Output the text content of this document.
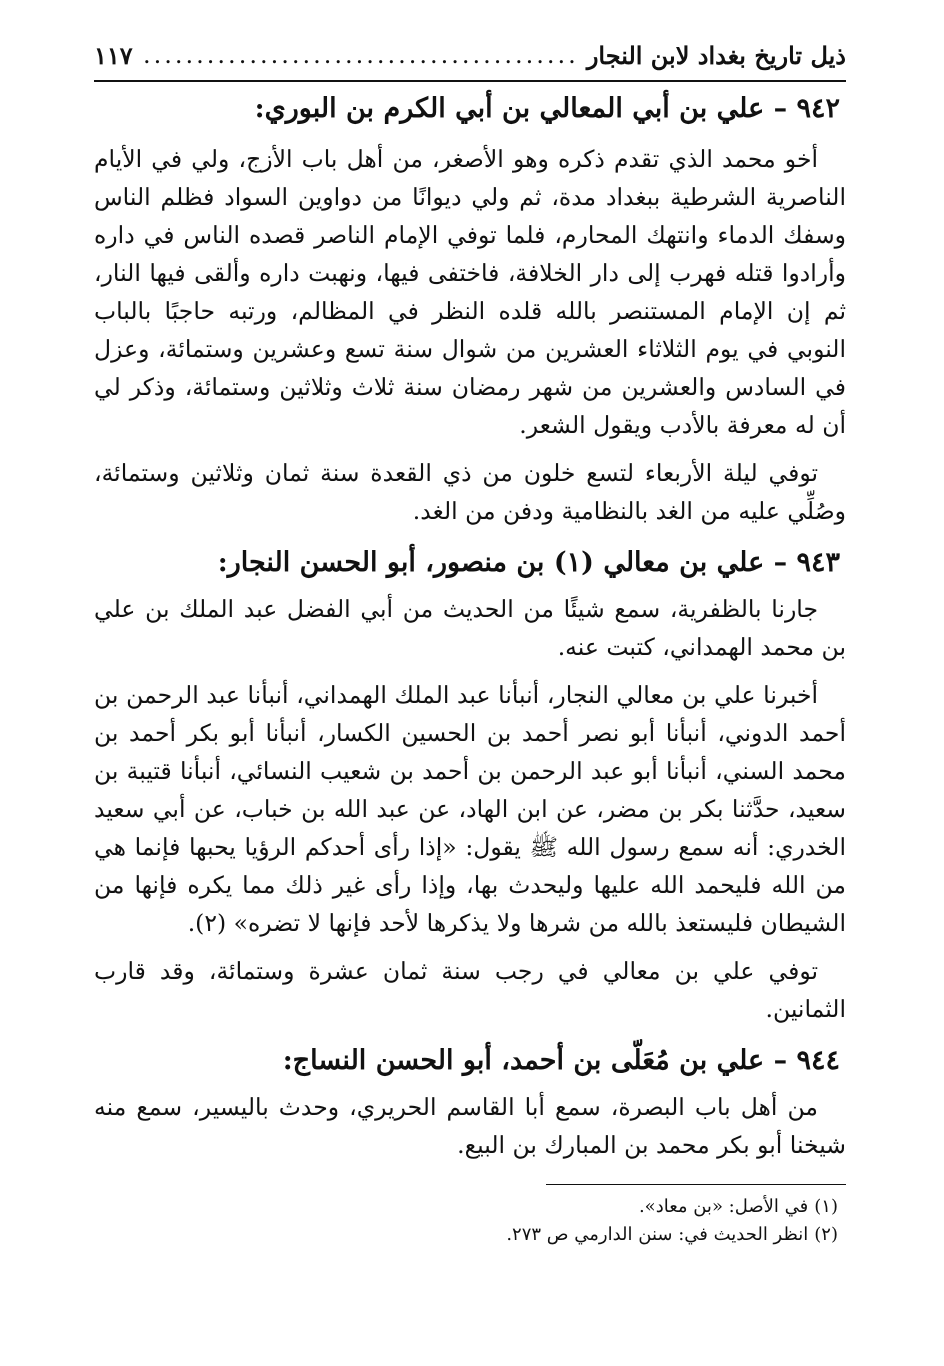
ذيل تاريخ بغداد لابن النجار
.....
١١٧
٩٤٢ – علي بن أبي المعالي بن أبي الكرم بن البوري:

أخو محمد الذي تقدم ذكره وهو الأصغر، من أهل باب الأزج، ولي في الأيام الناصرية الشرطية ببغداد مدة، ثم ولي ديوانًا من دواوين السواد فظلم الناس وسفك الدماء وانتهك المحارم، فلما توفي الإمام الناصر قصده الناس في داره وأرادوا قتله فهرب إلى دار الخلافة، فاختفى فيها، ونهبت داره وألقى فيها النار، ثم إن الإمام المستنصر بالله قلده النظر في المظالم، ورتبه حاجبًا بالباب النوبي في يوم الثلاثاء العشرين من شوال سنة تسع وعشرين وستمائة، وعزل في السادس والعشرين من شهر رمضان سنة ثلاث وثلاثين وستمائة، وذكر لي أن له معرفة بالأدب ويقول الشعر.

توفي ليلة الأربعاء لتسع خلون من ذي القعدة سنة ثمان وثلاثين وستمائة، وصُلِّي عليه من الغد بالنظامية ودفن من الغد.

٩٤٣ – علي بن معالي (١) بن منصور، أبو الحسن النجار:

جارنا بالظفرية، سمع شيئًا من الحديث من أبي الفضل عبد الملك بن علي بن محمد الهمداني، كتبت عنه.

أخبرنا علي بن معالي النجار، أنبأنا عبد الملك الهمداني، أنبأنا عبد الرحمن بن أحمد الدوني، أنبأنا أبو نصر أحمد بن الحسين الكسار، أنبأنا أبو بكر أحمد بن محمد السني، أنبأنا أبو عبد الرحمن بن أحمد بن شعيب النسائي، أنبأنا قتيبة بن سعيد، حدَّثنا بكر بن مضر، عن ابن الهاد، عن عبد الله بن خباب، عن أبي سعيد الخدري: أنه سمع رسول الله ﷺ يقول: «إذا رأى أحدكم الرؤيا يحبها فإنما هي من الله فليحمد الله عليها وليحدث بها، وإذا رأى غير ذلك مما يكره فإنها من الشيطان فليستعذ بالله من شرها ولا يذكرها لأحد فإنها لا تضره» (٢).

توفي علي بن معالي في رجب سنة ثمان عشرة وستمائة، وقد قارب الثمانين.

٩٤٤ – علي بن مُعَلّى بن أحمد، أبو الحسن النساج:

من أهل باب البصرة، سمع أبا القاسم الحريري، وحدث باليسير، سمع منه شيخنا أبو بكر محمد بن المبارك بن البيع.

(١)في الأصل: «بن معاد».
(٢)انظر الحديث في: سنن الدارمي ص ٢٧٣.
